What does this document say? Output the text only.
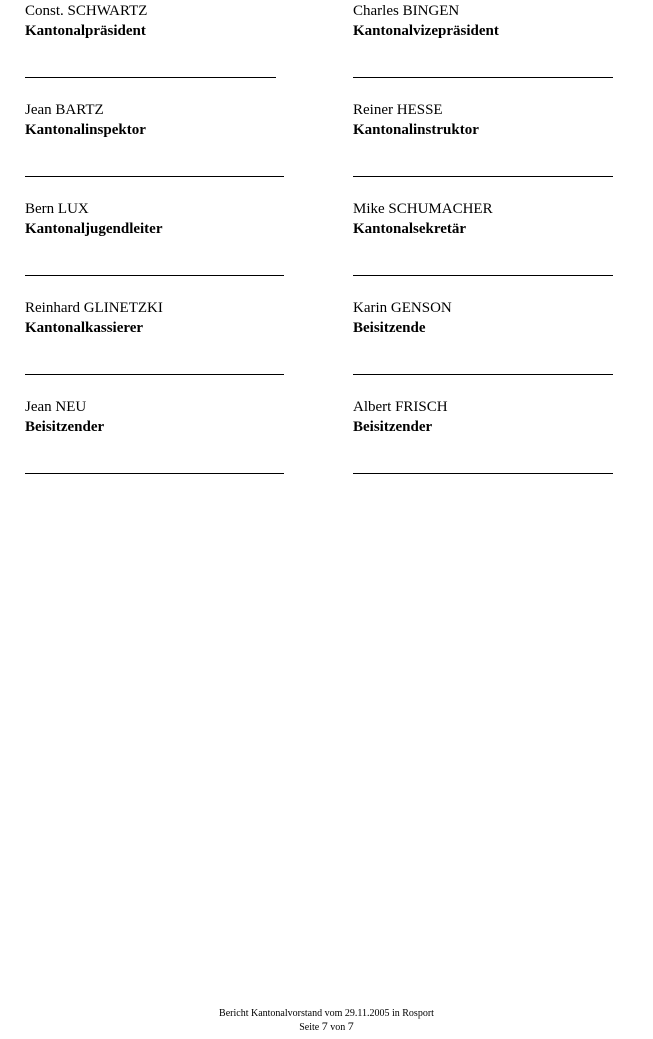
Const. SCHWARTZ
Kantonalpräsident
Charles BINGEN
Kantonalvizepräsident
Jean BARTZ
Kantonalinspektor
Reiner HESSE
Kantonalinstruktor
Bern LUX
Kantonaljugendleiter
Mike SCHUMACHER
Kantonalsekretär
Reinhard GLINETZKI
Kantonalkassierer
Karin GENSON
Beisitzende
Jean NEU
Beisitzender
Albert FRISCH
Beisitzender
Bericht Kantonalvorstand vom 29.11.2005 in Rosport
Seite 7 von 7
